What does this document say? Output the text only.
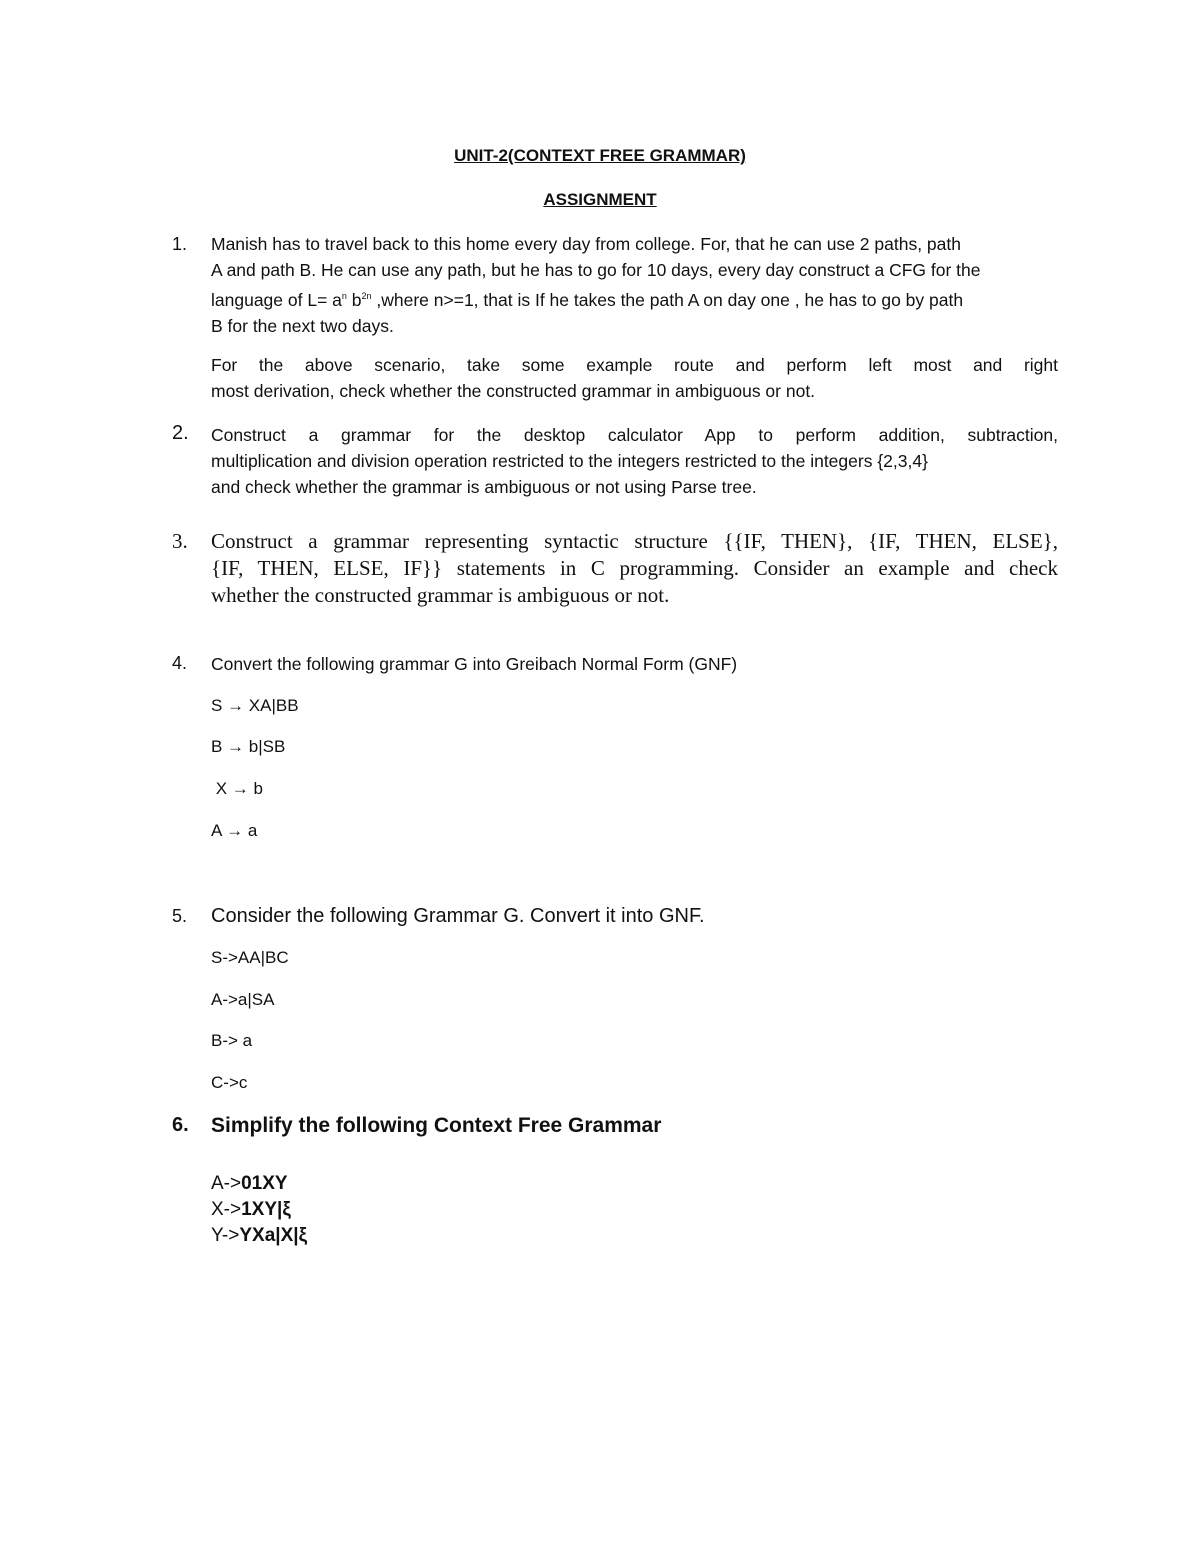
UNIT-2(CONTEXT FREE GRAMMAR)
ASSIGNMENT
1. Manish has to travel back to this home every day from college. For, that he can use 2 paths, path
A and path B. He can use any path, but he has to go for 10 days, every day construct a CFG for the
language of $L= a^n$ $b^{2n}$ ,where n>=1, that is If he takes the path A on day one , he has to go by path
B for the next two days.
For the above scenario, take some example route and perform left most and right
most derivation, check whether the constructed grammar in ambiguous or not.
2. Construct a grammar for the desktop calculator App to perform addition, subtraction,
multiplication and division operation restricted to the integers restricted to the integers {2,3,4}
and check whether the grammar is ambiguous or not using Parse tree.
3. Construct a grammar representing syntactic structure {{IF, THEN}, {IF, THEN, ELSE},
{IF, THEN, ELSE, IF}} statements in C programming. Consider an example and check
whether the constructed grammar is ambiguous or not.
4. Convert the following grammar G into Greibach Normal Form (GNF)
S → XA|BB
B → b|SB
X → b
A → a
5. Consider the following Grammar G. Convert it into GNF.
S->AA|BC
A->a|SA
B-> a
C->c
6. Simplify the following Context Free Grammar
A->01XY
X->1XY|ξ
Y->YXa|X|ξ
